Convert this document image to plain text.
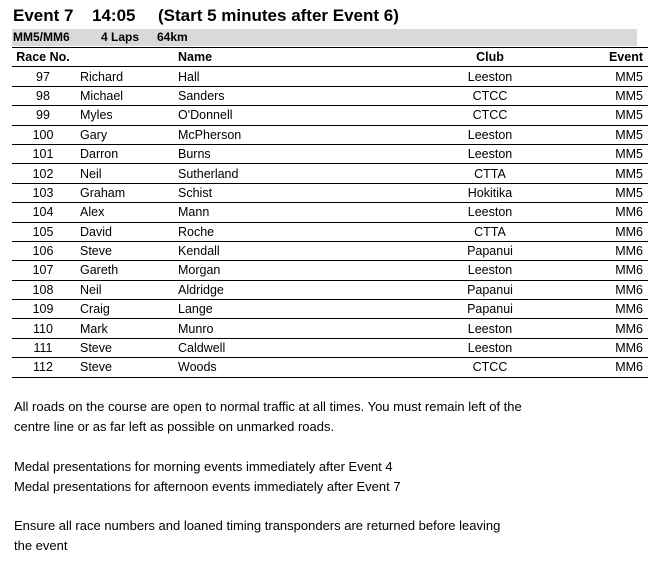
Event 7 14:05 (Start 5 minutes after Event 6)
MM5/MM6	4 Laps 64km
Race No.		Name	Club	Event
97	Richard	Hall	Leeston	MM5
98	Michael	Sanders	CTCC	MM5
99	Myles	O'Donnell	CTCC	MM5
100	Gary	McPherson	Leeston	MM5
101	Darron	Burns	Leeston	MM5
102	Neil	Sutherland	CTTA	MM5
103	Graham	Schist	Hokitika	MM5
104	Alex	Mann	Leeston	MM6
105	David	Roche	CTTA	MM6
106	Steve	Kendall	Papanui	MM6
107	Gareth	Morgan	Leeston	MM6
108	Neil	Aldridge	Papanui	MM6
109	Craig	Lange	Papanui	MM6
110	Mark	Munro	Leeston	MM6
111	Steve	Caldwell	Leeston	MM6
112	Steve	Woods	CTCC	MM6

All roads on the course are open to normal traffic at all times. You must remain left of the
centre line or as far left as possible on unmarked roads.

Medal presentations for morning events immediately after Event 4
Medal presentations for afternoon events immediately after Event 7

Ensure all race numbers and loaned timing transponders are returned before leaving
the event
